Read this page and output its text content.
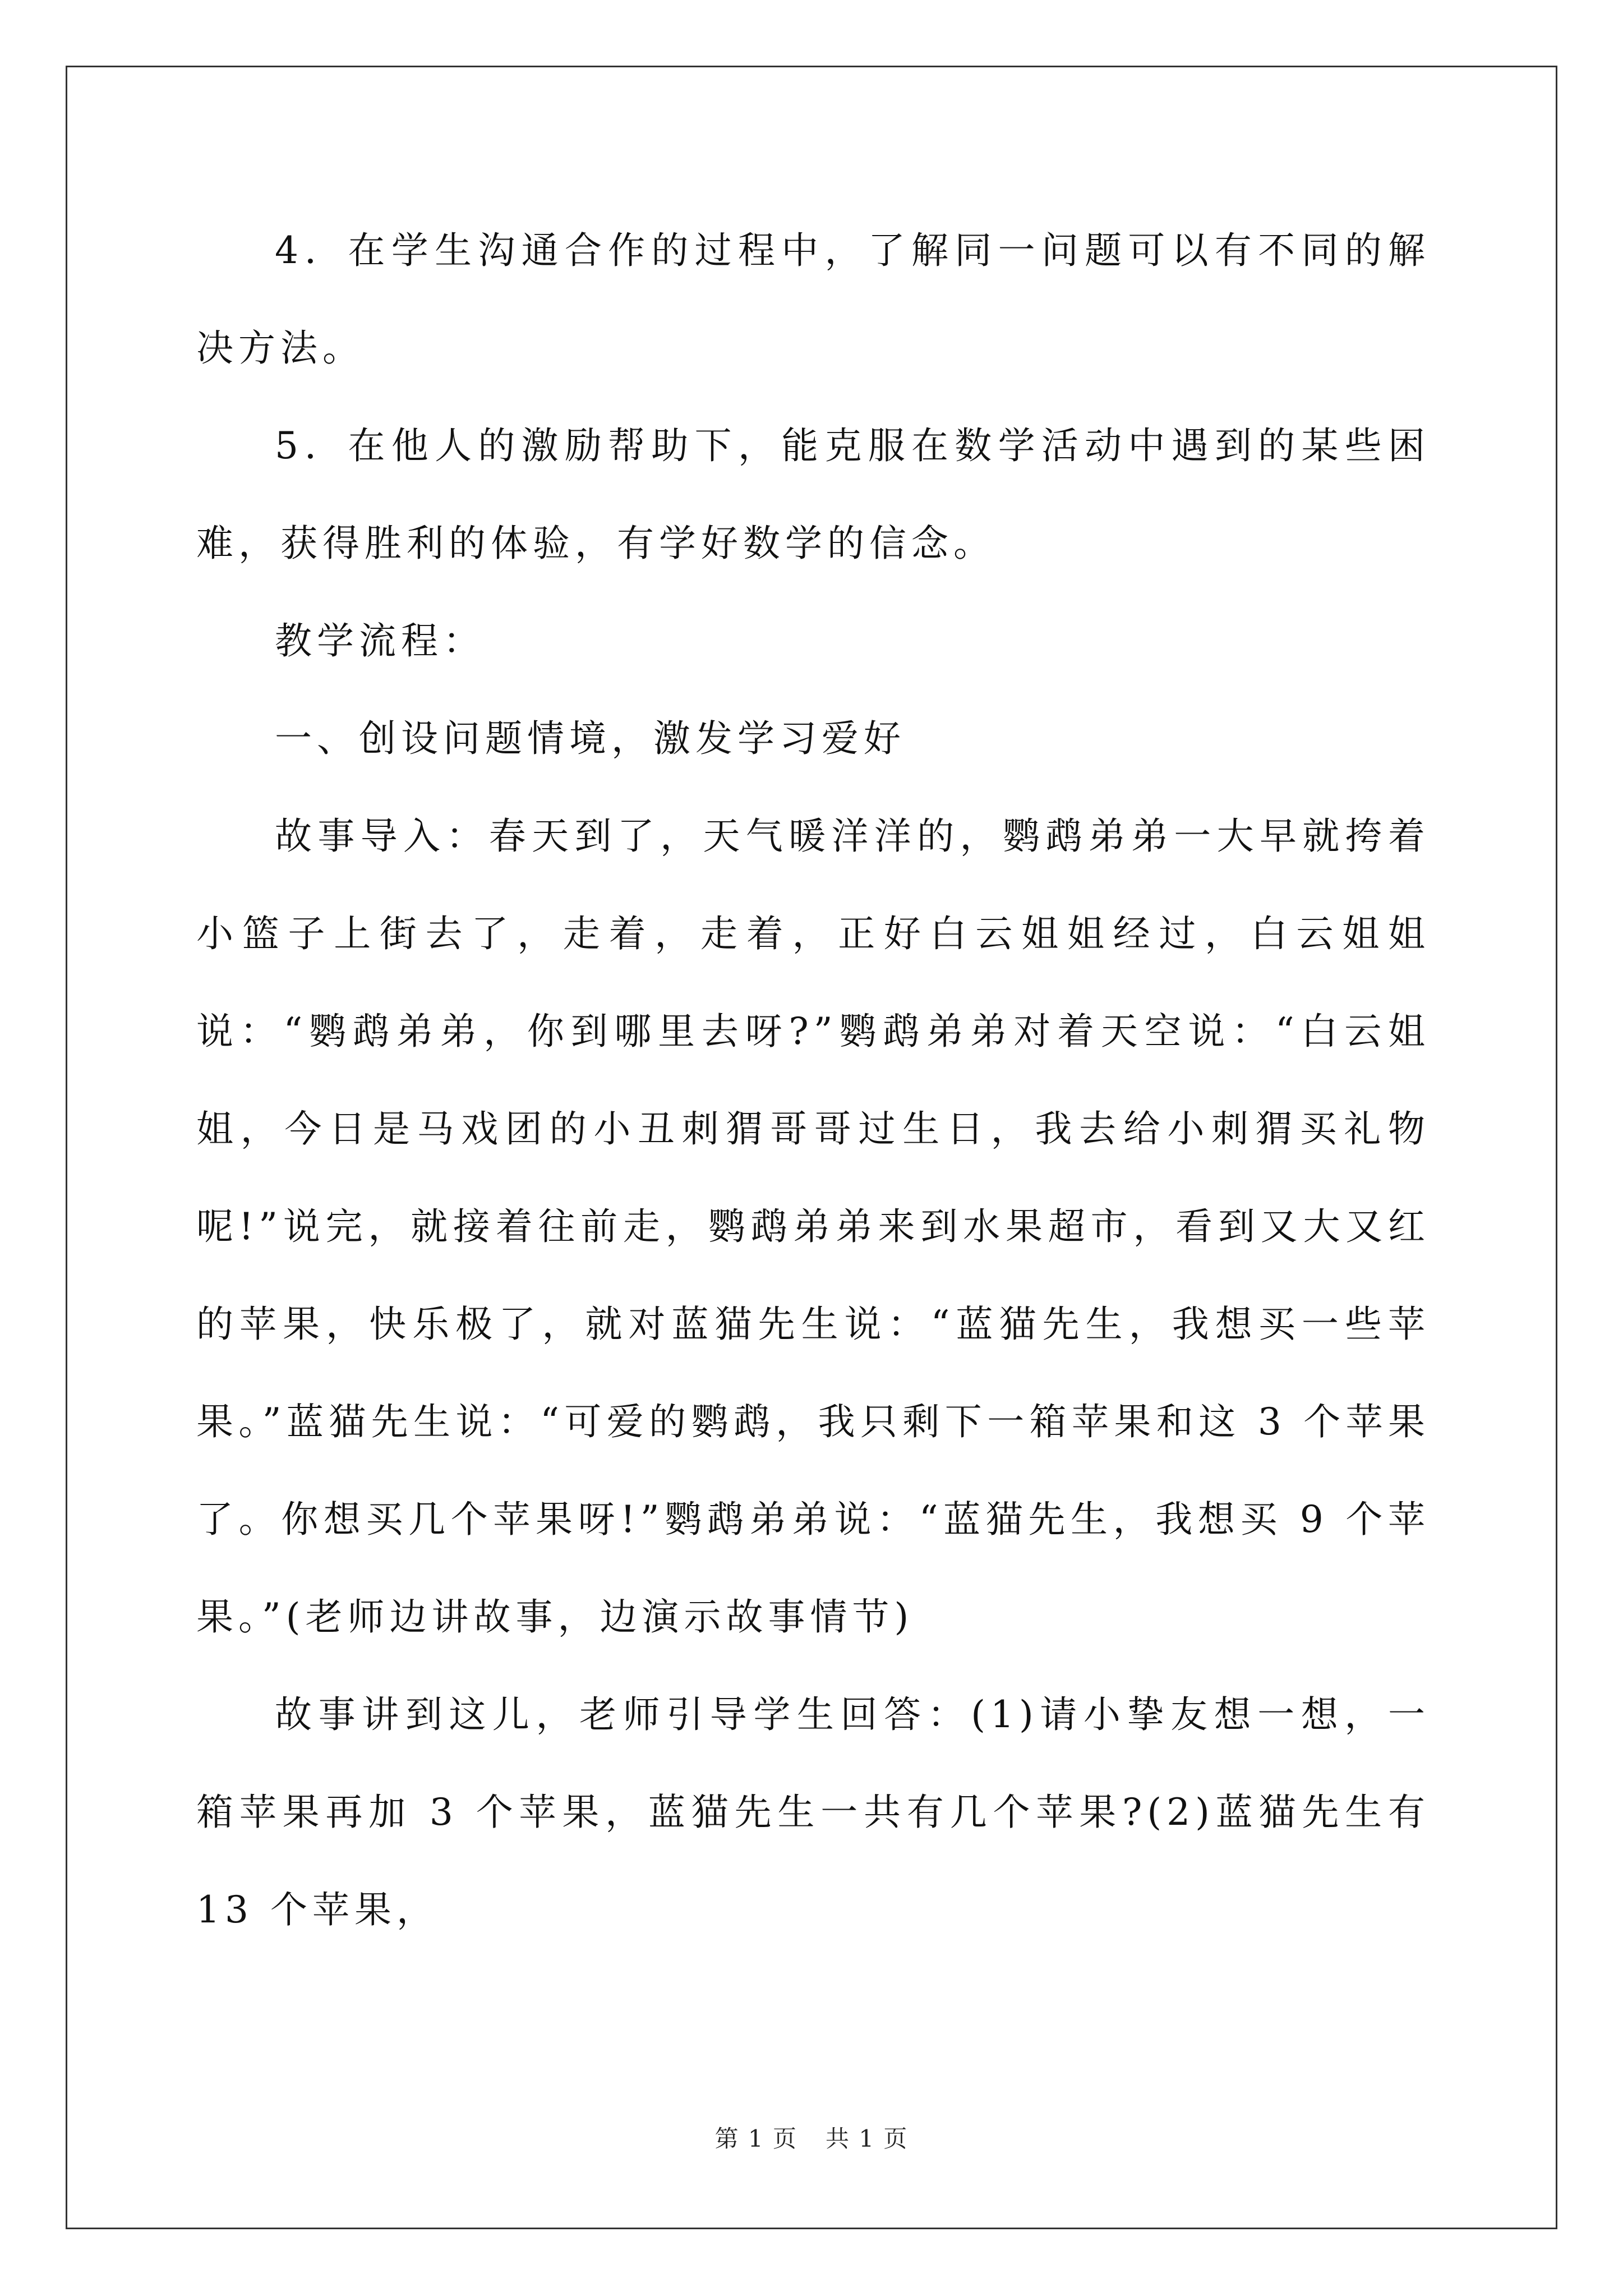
4．在学生沟通合作的过程中，了解同一问题可以有不同的解决方法。

5．在他人的激励帮助下，能克服在数学活动中遇到的某些困难，获得胜利的体验，有学好数学的信念。

教学流程：

一、创设问题情境，激发学习爱好

故事导入：春天到了，天气暖洋洋的，鹦鹉弟弟一大早就挎着小篮子上街去了，走着，走着，正好白云姐姐经过，白云姐姐说：“鹦鹉弟弟，你到哪里去呀?”鹦鹉弟弟对着天空说：“白云姐姐，今日是马戏团的小丑刺猬哥哥过生日，我去给小刺猬买礼物呢!”说完，就接着往前走，鹦鹉弟弟来到水果超市，看到又大又红的苹果，快乐极了，就对蓝猫先生说：“蓝猫先生，我想买一些苹果。”蓝猫先生说：“可爱的鹦鹉，我只剩下一箱苹果和这 3 个苹果了。你想买几个苹果呀!”鹦鹉弟弟说：“蓝猫先生，我想买 9 个苹果。”(老师边讲故事，边演示故事情节)

故事讲到这儿，老师引导学生回答：(1)请小挚友想一想，一箱苹果再加 3 个苹果，蓝猫先生一共有几个苹果?(2)蓝猫先生有 13 个苹果，

第 1 页 共 1 页
